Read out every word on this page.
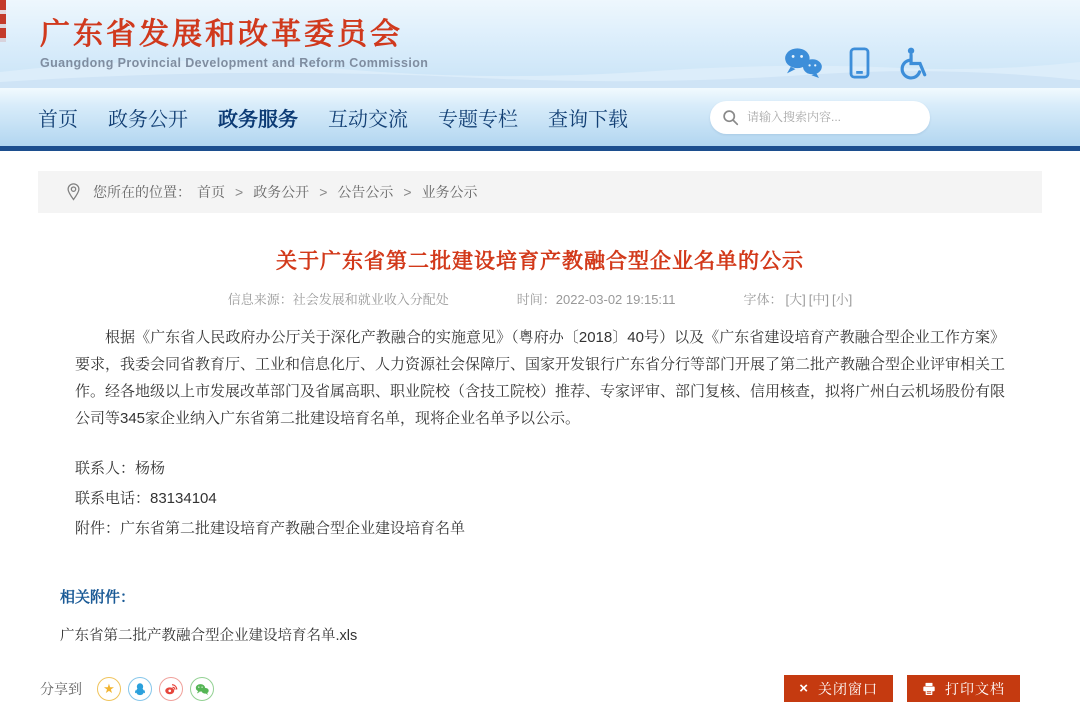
广东省发展和改革委员会
Guangdong Provincial Development and Reform Commission
首页 政务公开 政务服务 互动交流 专题专栏 查询下载
请输入搜索内容...
您所在的位置： 首页 > 政务公开 > 公告公示 > 业务公示
关于广东省第二批建设培育产教融合型企业名单的公示
信息来源：社会发展和就业收入分配处	时间：2022-03-02 19:15:11	字体： [大] [中] [小]

根据《广东省人民政府办公厅关于深化产教融合的实施意见》（粤府办〔2018〕40号）以及《广东省建设培育产教融合型企业工作方案》要求，我委会同省教育厅、工业和信息化厅、人力资源社会保障厅、国家开发银行广东省分行等部门开展了第二批产教融合型企业评审相关工作。经各地级以上市发展改革部门及省属高职、职业院校（含技工院校）推荐、专家评审、部门复核、信用核查，拟将广州白云机场股份有限公司等345家企业纳入广东省第二批建设培育名单，现将企业名单予以公示。

联系人：杨杨
联系电话：83134104
附件：广东省第二批建设培育产教融合型企业建设培育名单
相关附件：
广东省第二批产教融合型企业建设培育名单.xls
分享到	★	× 关闭窗口	打印文档
